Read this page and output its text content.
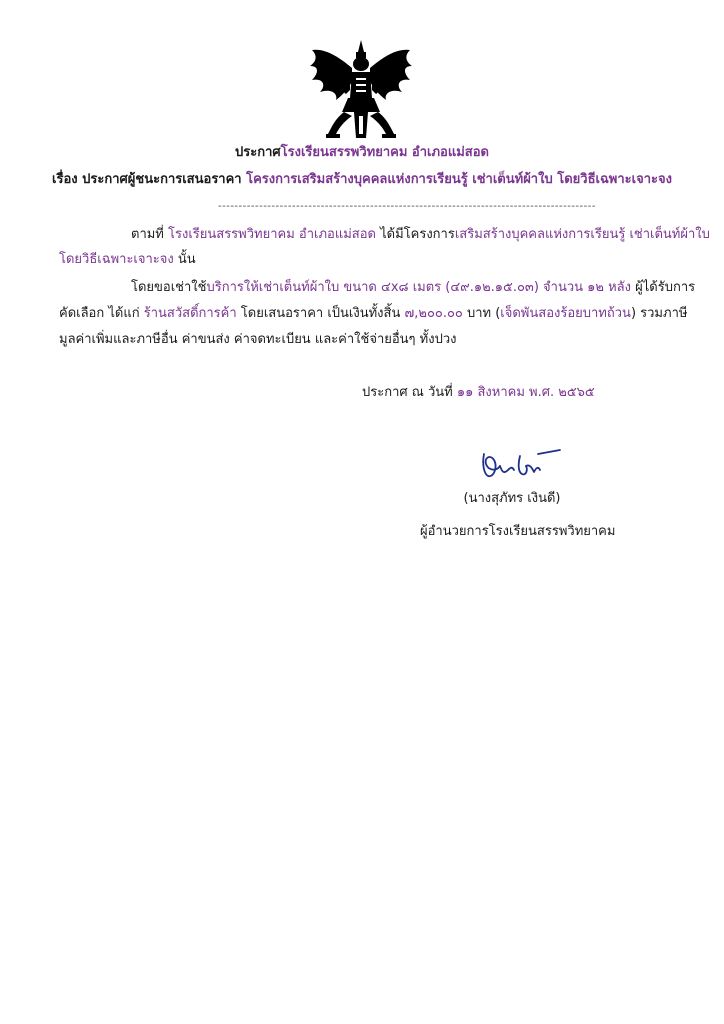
ประกาศโรงเรียนสรรพวิทยาคม อำเภอแม่สอด
เรื่อง ประกาศผู้ชนะการเสนอราคา โครงการเสริมสร้างบุคคลแห่งการเรียนรู้ เช่าเต็นท์ผ้าใบ โดยวิธีเฉพาะเจาะจง
--------------------------------------------------------------------------------------------
ตามที่ โรงเรียนสรรพวิทยาคม อำเภอแม่สอด ได้มีโครงการเสริมสร้างบุคคลแห่งการเรียนรู้ เช่าเต็นท์ผ้าใบ
โดยวิธีเฉพาะเจาะจง นั้น
โดยขอเช่าใช้บริการให้เช่าเต็นท์ผ้าใบ ขนาด ๔x๘ เมตร (๔๙.๑๒.๑๕.๐๓) จำนวน ๑๒ หลัง ผู้ได้รับการ
คัดเลือก ได้แก่ ร้านสวัสดิ์การค้า โดยเสนอราคา เป็นเงินทั้งสิ้น ๗,๒๐๐.๐๐ บาท (เจ็ดพันสองร้อยบาทถ้วน) รวมภาษี
มูลค่าเพิ่มและภาษีอื่น ค่าขนส่ง ค่าจดทะเบียน และค่าใช้จ่ายอื่นๆ ทั้งปวง
ประกาศ ณ วันที่ ๑๑ สิงหาคม พ.ศ. ๒๕๖๕
(นางสุภัทร เงินดี)
ผู้อำนวยการโรงเรียนสรรพวิทยาคม
